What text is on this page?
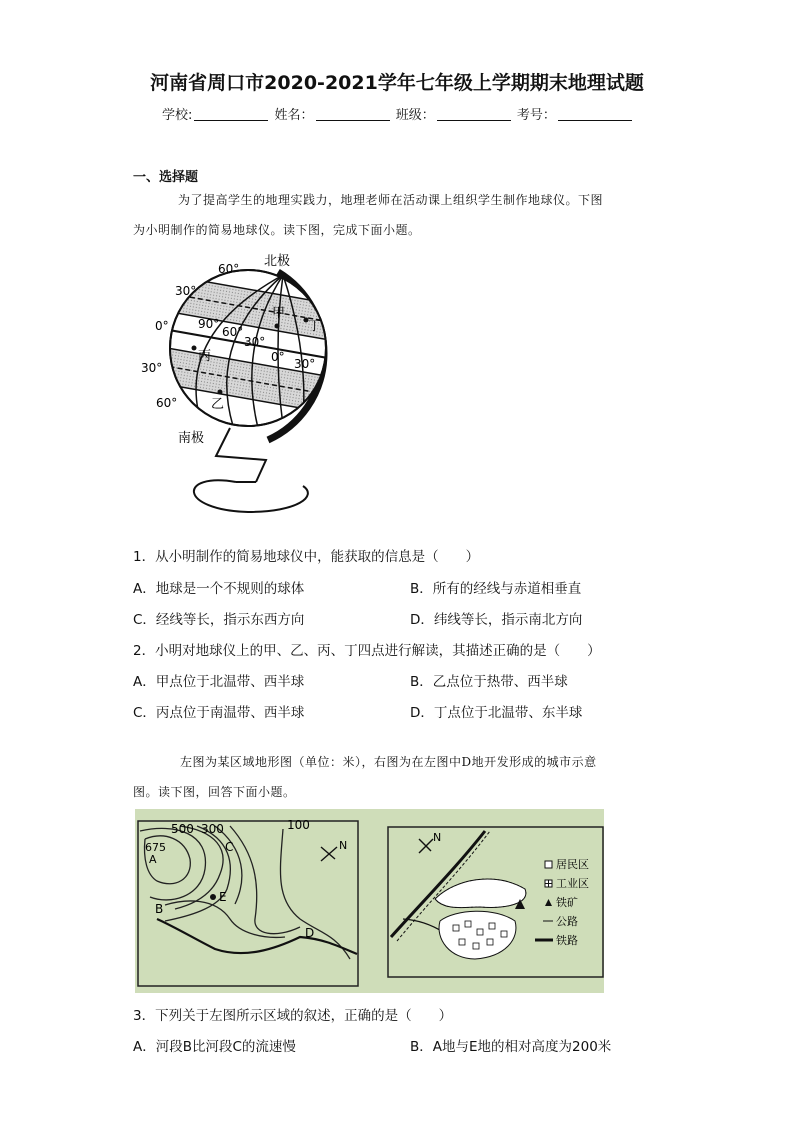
河南省周口市2020-2021学年七年级上学期期末地理试题
学校:	姓名：	班级：	考号：
一、选择题
为了提高学生的地理实践力，地理老师在活动课上组织学生制作地球仪。下图
为小明制作的简易地球仪。读下图，完成下面小题。
北极
南极
60°
30°
0°
30°
60°
90°
60°
30°
0° 30°
甲
乙
丙
丁
1．从小明制作的简易地球仪中，能获取的信息是（　　）
A．地球是一个不规则的球体	B．所有的经线与赤道相垂直
C．经线等长，指示东西方向	D．纬线等长，指示南北方向
2．小明对地球仪上的甲、乙、丙、丁四点进行解读，其描述正确的是（　　）
A．甲点位于北温带、西半球	B．乙点位于热带、西半球
C．丙点位于南温带、西半球	D．丁点位于北温带、东半球
左图为某区域地形图（单位：米），右图为在左图中D地开发形成的城市示意
图。读下图，回答下面小题。
E
C
B
D
675
A
500 300	100
N
N
居民区
工业区
铁矿
公路
铁路
3．下列关于左图所示区域的叙述，正确的是（　　）
A．河段B比河段C的流速慢	B．A地与E地的相对高度为200米
